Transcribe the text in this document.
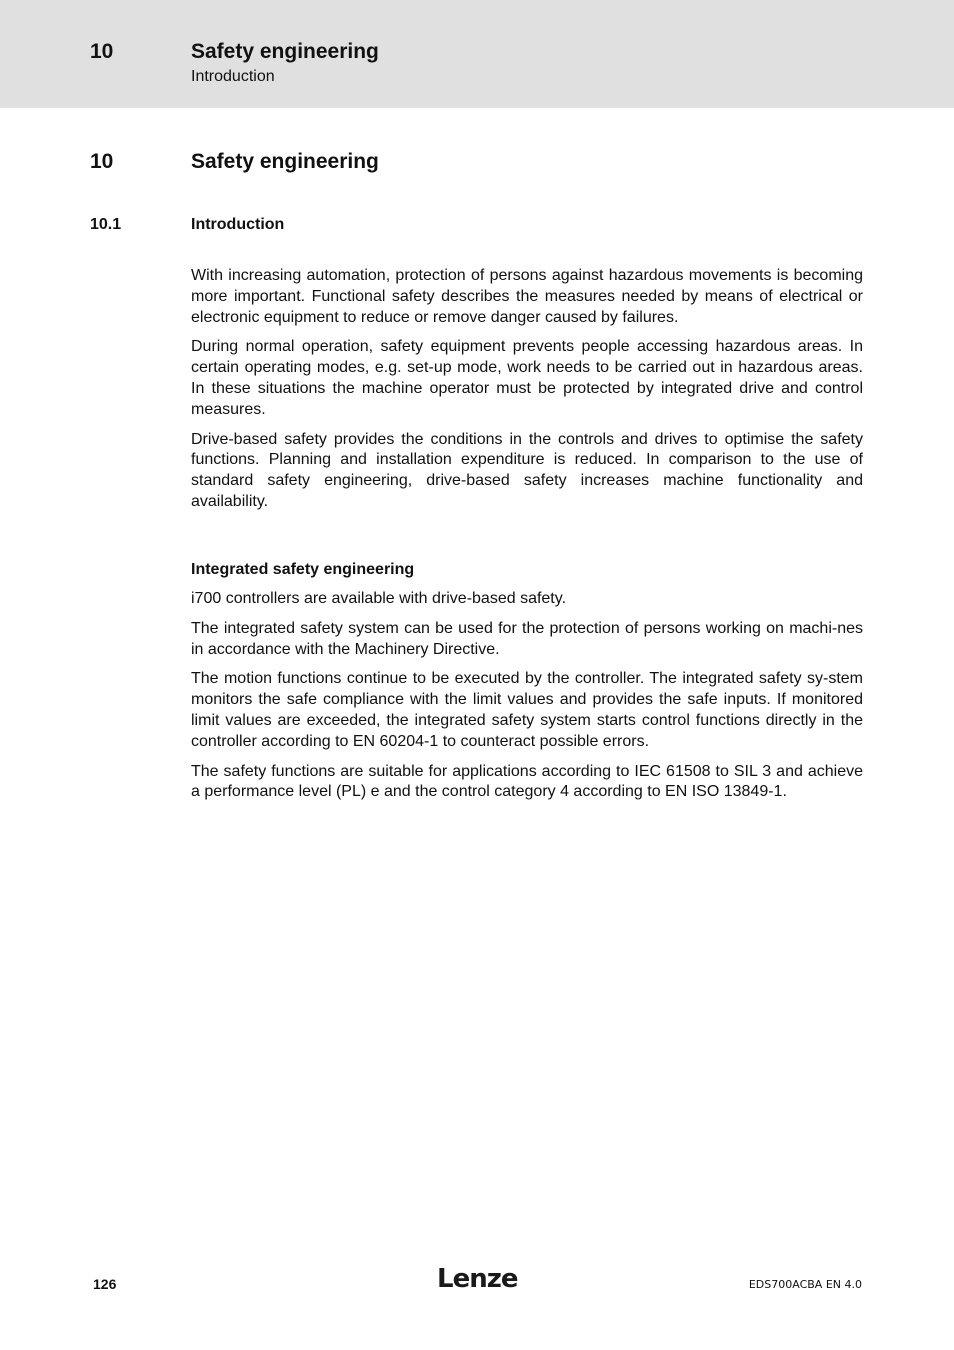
10	Safety engineering
Introduction
10	Safety engineering
10.1	Introduction

With increasing automation, protection of persons against hazardous movements is becoming more important. Functional safety describes the measures needed by means of electrical or electronic equipment to reduce or remove danger caused by failures.

During normal operation, safety equipment prevents people accessing hazardous areas. In certain operating modes, e.g. set-up mode, work needs to be carried out in hazardous areas. In these situations the machine operator must be protected by integrated drive and control measures.

Drive-based safety provides the conditions in the controls and drives to optimise the safety functions. Planning and installation expenditure is reduced. In comparison to the use of standard safety engineering, drive-based safety increases machine functionality and availability.

Integrated safety engineering

i700 controllers are available with drive-based safety.

The integrated safety system can be used for the protection of persons working on machi-nes in accordance with the Machinery Directive.

The motion functions continue to be executed by the controller. The integrated safety sy-stem monitors the safe compliance with the limit values and provides the safe inputs. If monitored limit values are exceeded, the integrated safety system starts control functions directly in the controller according to EN 60204-1 to counteract possible errors.

The safety functions are suitable for applications according to IEC 61508 to SIL 3 and achieve a performance level (PL) e and the control category 4 according to EN ISO 13849-1.

126	Lenze	EDS700ACBA EN 4.0
